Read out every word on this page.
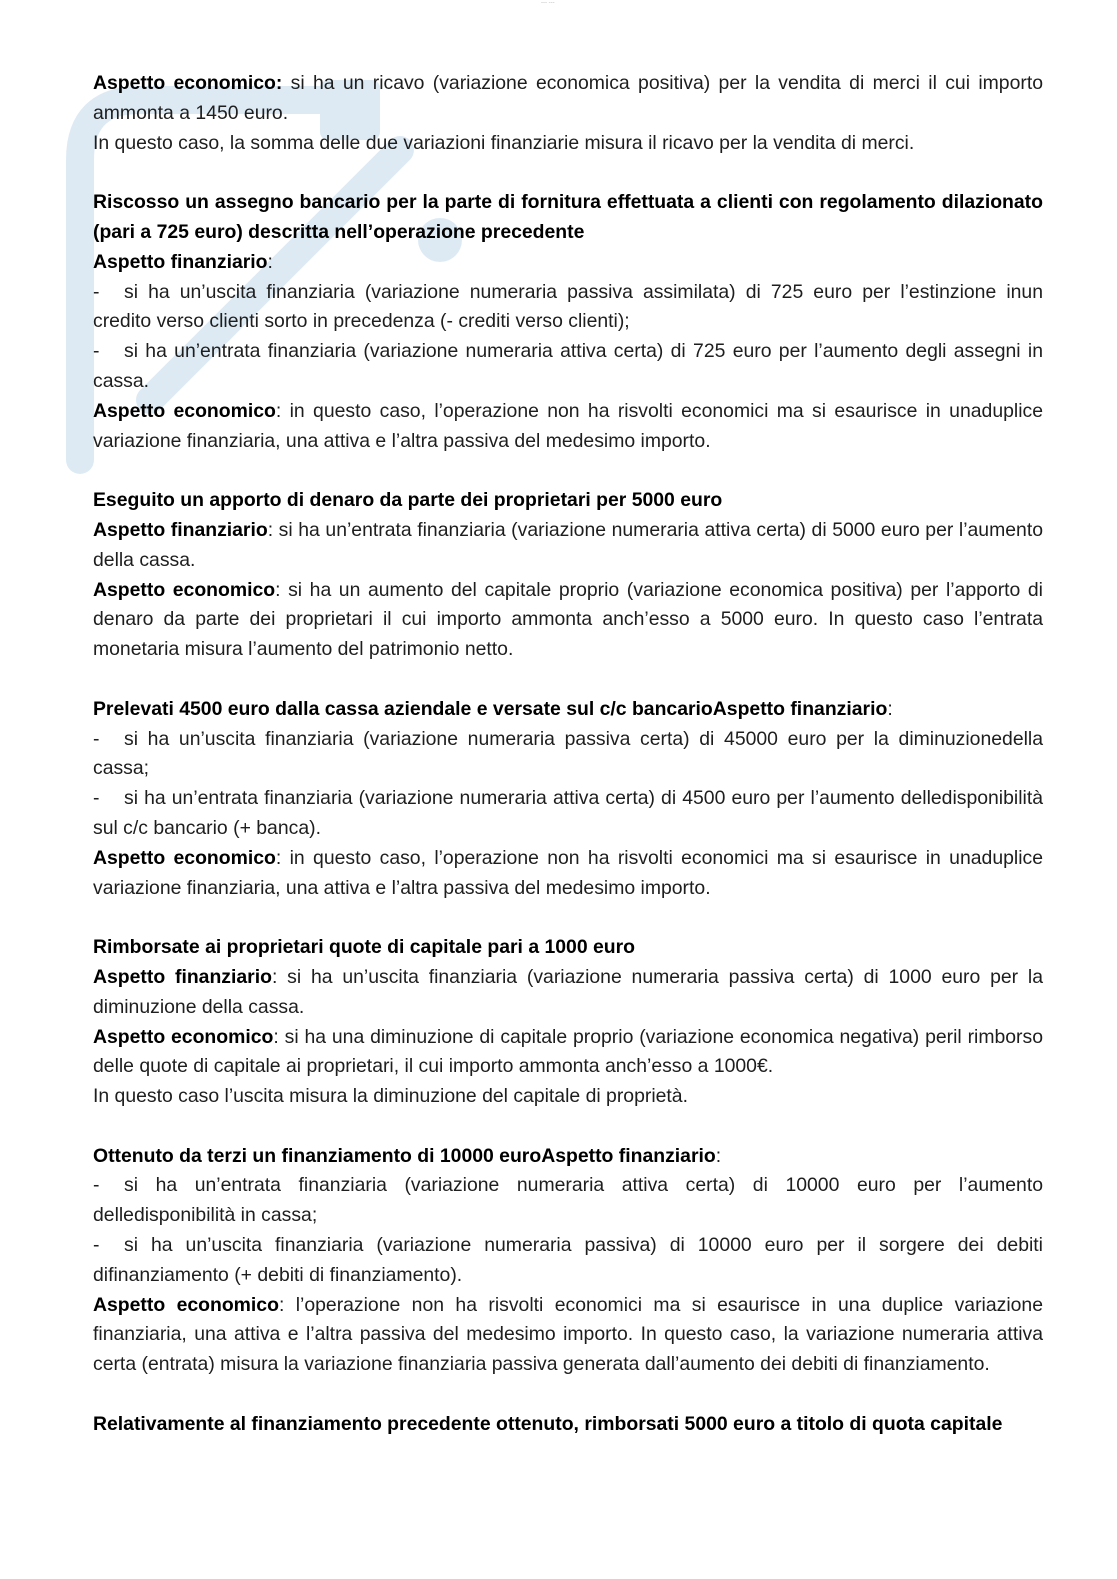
--- ---

Aspetto economico: si ha un ricavo (variazione economica positiva) per la vendita di merci il cui importo ammonta a 1450 euro.

In questo caso, la somma delle due variazioni finanziarie misura il ricavo per la vendita di merci.

Riscosso un assegno bancario per la parte di fornitura effettuata a clienti con regolamento dilazionato (pari a 725 euro) descritta nell’operazione precedente

Aspetto finanziario:

- si ha un’uscita finanziaria (variazione numeraria passiva assimilata) di 725 euro per l’estinzione inun credito verso clienti sorto in precedenza (- crediti verso clienti);

- si ha un’entrata finanziaria (variazione numeraria attiva certa) di 725 euro per l’aumento degli assegni in cassa.

Aspetto economico: in questo caso, l’operazione non ha risvolti economici ma si esaurisce in unaduplice variazione finanziaria, una attiva e l’altra passiva del medesimo importo.

Eseguito un apporto di denaro da parte dei proprietari per 5000 euro

Aspetto finanziario: si ha un’entrata finanziaria (variazione numeraria attiva certa) di 5000 euro per l’aumento della cassa.

Aspetto economico: si ha un aumento del capitale proprio (variazione economica positiva) per l’apporto di denaro da parte dei proprietari il cui importo ammonta anch’esso a 5000 euro. In questo caso l’entrata monetaria misura l’aumento del patrimonio netto.

Prelevati 4500 euro dalla cassa aziendale e versate sul c/c bancarioAspetto finanziario:

- si ha un’uscita finanziaria (variazione numeraria passiva certa) di 45000 euro per la diminuzionedella cassa;

- si ha un’entrata finanziaria (variazione numeraria attiva certa) di 4500 euro per l’aumento delledisponibilità sul c/c bancario (+ banca).

Aspetto economico: in questo caso, l’operazione non ha risvolti economici ma si esaurisce in unaduplice variazione finanziaria, una attiva e l’altra passiva del medesimo importo.

Rimborsate ai proprietari quote di capitale pari a 1000 euro

Aspetto finanziario: si ha un’uscita finanziaria (variazione numeraria passiva certa) di 1000 euro per la diminuzione della cassa.

Aspetto economico: si ha una diminuzione di capitale proprio (variazione economica negativa) peril rimborso delle quote di capitale ai proprietari, il cui importo ammonta anch’esso a 1000€.

In questo caso l’uscita misura la diminuzione del capitale di proprietà.

Ottenuto da terzi un finanziamento di 10000 euroAspetto finanziario:

- si ha un’entrata finanziaria (variazione numeraria attiva certa) di 10000 euro per l’aumento delledisponibilità in cassa;

- si ha un’uscita finanziaria (variazione numeraria passiva) di 10000 euro per il sorgere dei debiti difinanziamento (+ debiti di finanziamento).

Aspetto economico: l’operazione non ha risvolti economici ma si esaurisce in una duplice variazione finanziaria, una attiva e l’altra passiva del medesimo importo. In questo caso, la variazione numeraria attiva certa (entrata) misura la variazione finanziaria passiva generata dall’aumento dei debiti di finanziamento.

Relativamente al finanziamento precedente ottenuto, rimborsati 5000 euro a titolo di quota capitale
